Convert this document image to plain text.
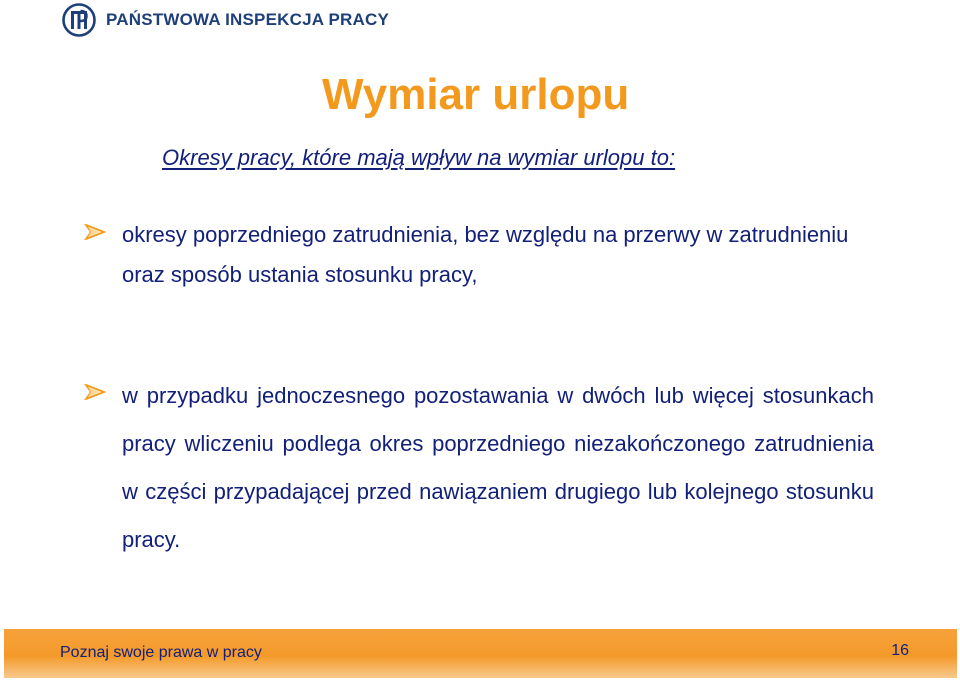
PAŃSTWOWA INSPEKCJA PRACY
Wymiar urlopu
Okresy pracy, które mają wpływ na wymiar urlopu to:
okresy poprzedniego zatrudnienia, bez względu na przerwy w zatrudnieniu oraz sposób ustania stosunku pracy,
w przypadku jednoczesnego pozostawania w dwóch lub więcej stosunkach pracy wliczeniu podlega okres poprzedniego niezakończonego zatrudnienia w części przypadającej przed nawiązaniem drugiego lub kolejnego stosunku pracy.
Poznaj swoje prawa w pracy	16
